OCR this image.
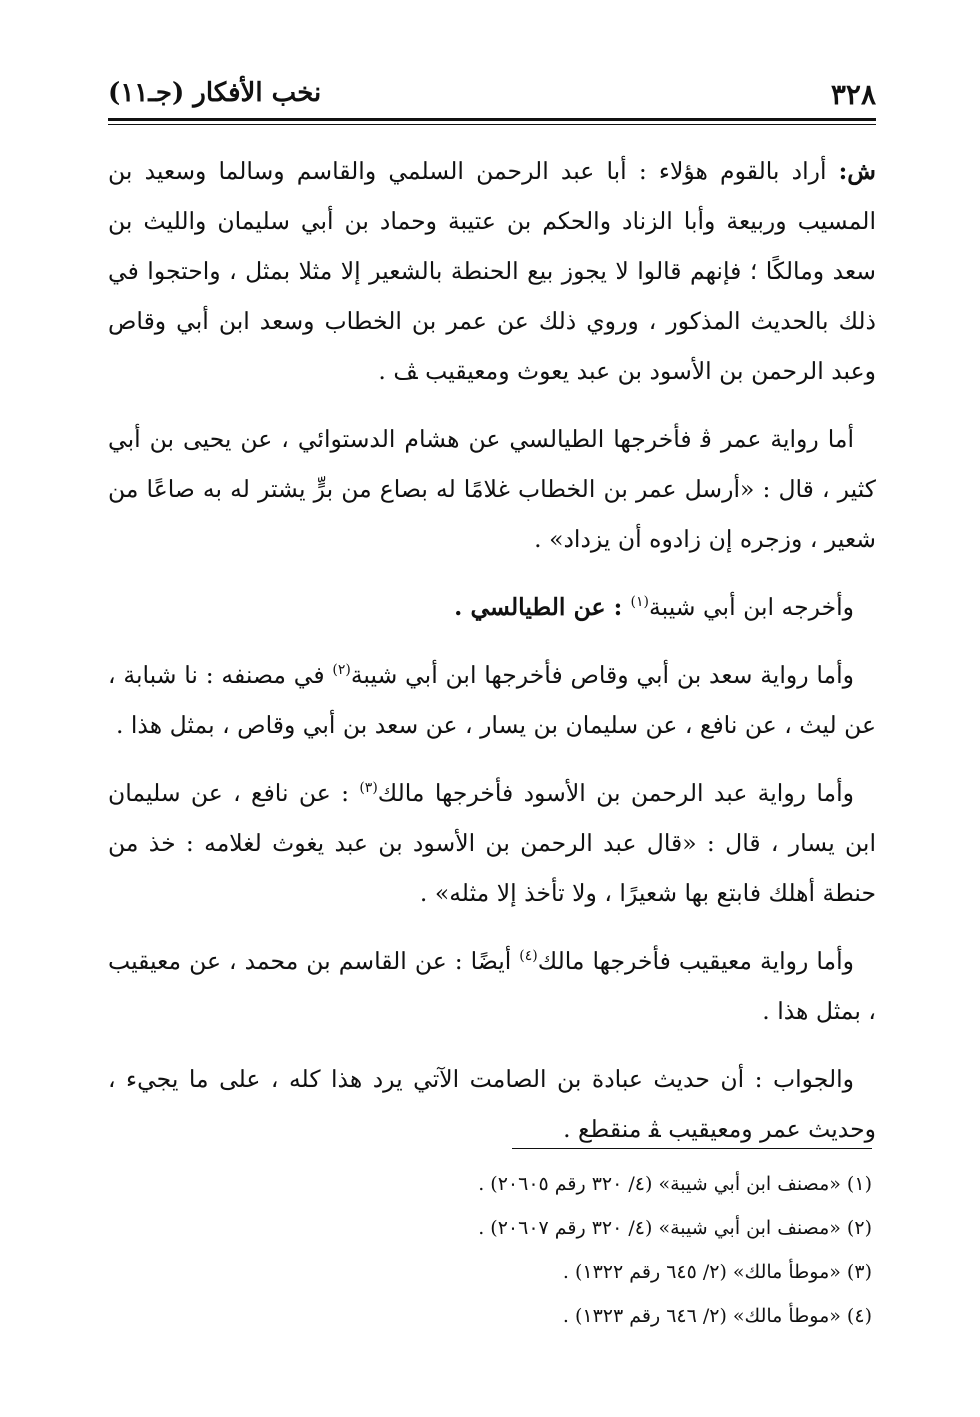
٣٢٨
نخب الأفكار (جـ١١)

ش: أراد بالقوم هؤلاء : أبا عبد الرحمن السلمي والقاسم وسالما وسعيد بن المسيب وربيعة وأبا الزناد والحكم بن عتيبة وحماد بن أبي سليمان والليث بن سعد ومالكًا ؛ فإنهم قالوا لا يجوز بيع الحنطة بالشعير إلا مثلا بمثل ، واحتجوا في ذلك بالحديث المذكور ، وروي ذلك عن عمر بن الخطاب وسعد ابن أبي وقاص وعبد الرحمن بن الأسود بن عبد يعوث ومعيقيب ﭫ .

أما رواية عمر ﭬ فأخرجها الطيالسي عن هشام الدستوائي ، عن يحيى بن أبي كثير ، قال : «أرسل عمر بن الخطاب غلامًا له بصاع من برٍّ يشتر له به صاعًا من شعير ، وزجره إن زادوه أن يزداد» .

وأخرجه ابن أبي شيبة$^{(١)}$ : عن الطيالسي .

وأما رواية سعد بن أبي وقاص فأخرجها ابن أبي شيبة$^{(٢)}$ في مصنفه : نا شبابة ، عن ليث ، عن نافع ، عن سليمان بن يسار ، عن سعد بن أبي وقاص ، بمثل هذا .

وأما رواية عبد الرحمن بن الأسود فأخرجها مالك$^{(٣)}$ : عن نافع ، عن سليمان ابن يسار ، قال : «قال عبد الرحمن بن الأسود بن عبد يغوث لغلامه : خذ من حنطة أهلك فابتع بها شعيرًا ، ولا تأخذ إلا مثله» .

وأما رواية معيقيب فأخرجها مالك$^{(٤)}$ أيضًا : عن القاسم بن محمد ، عن معيقيب ، بمثل هذا .

والجواب : أن حديث عبادة بن الصامت الآتي يرد هذا كله ، على ما يجيء ، وحديث عمر ومعيقيب ﭭ منقطع .

(١) «مصنف ابن أبي شيبة» (٤/ ٣٢٠ رقم ٢٠٦٠٥) .

(٢) «مصنف ابن أبي شيبة» (٤/ ٣٢٠ رقم ٢٠٦٠٧) .

(٣) «موطأ مالك» (٢/ ٦٤٥ رقم ١٣٢٢) .

(٤) «موطأ مالك» (٢/ ٦٤٦ رقم ١٣٢٣) .
